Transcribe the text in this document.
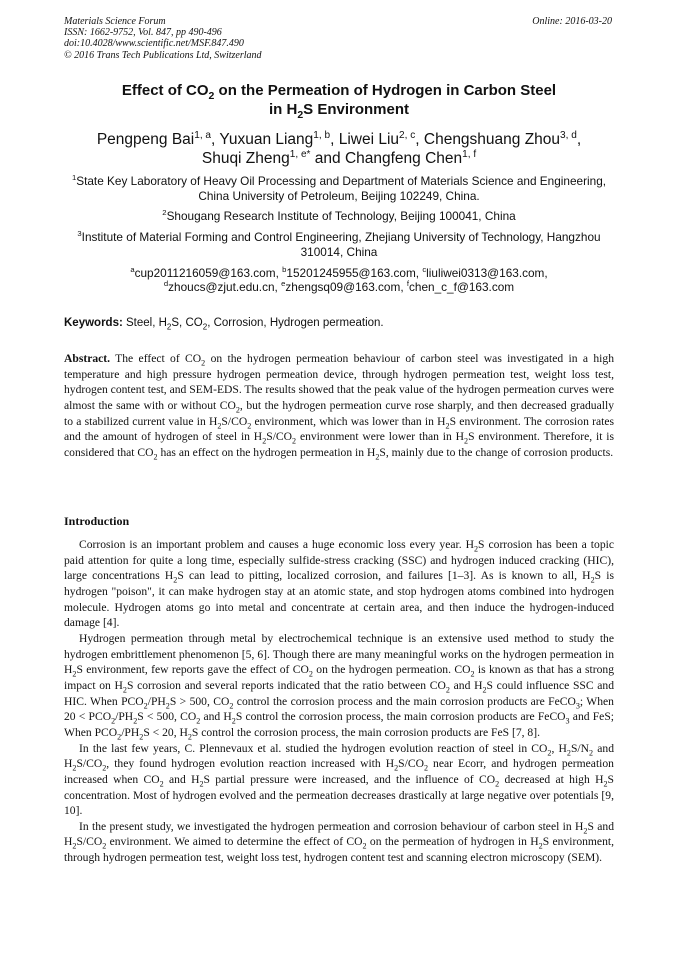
Materials Science Forum
ISSN: 1662-9752, Vol. 847, pp 490-496
doi:10.4028/www.scientific.net/MSF.847.490
© 2016 Trans Tech Publications Ltd, Switzerland
Online: 2016-03-20
Effect of $CO_2$ on the Permeation of Hydrogen in Carbon Steel
in $H_2S$ Environment
Pengpeng Bai$^{1, a}$, Yuxuan Liang$^{1, b}$, Liwei Liu$^{2, c}$, Chengshuang Zhou$^{3, d}$,
Shuqi Zheng$^{1, e*}$ and Changfeng Chen$^{1, f}$
$^1$State Key Laboratory of Heavy Oil Processing and Department of Materials Science and Engineering, China University of Petroleum, Beijing 102249, China.
$^2$Shougang Research Institute of Technology, Beijing 100041, China
$^3$Institute of Material Forming and Control Engineering, Zhejiang University of Technology, Hangzhou 310014, China
$^a$cup2011216059@163.com, $^b$15201245955@163.com, $^c$liuliwei0313@163.com,
$^d$zhoucs@zjut.edu.cn, $^e$zhengsq09@163.com, $^f$chen_c_f@163.com
Keywords: Steel, $H_2S$, $CO_2$, Corrosion, Hydrogen permeation.

Abstract. The effect of $CO_2$ on the hydrogen permeation behaviour of carbon steel was investigated in a high temperature and high pressure hydrogen permeation device, through hydrogen permeation test, weight loss test, hydrogen content test, and SEM-EDS. The results showed that the peak value of the hydrogen permeation curves were almost the same with or without $CO_2$, but the hydrogen permeation curve rose sharply, and then decreased gradually to a stabilized current value in $H_2S/CO_2$ environment, which was lower than in $H_2S$ environment. The corrosion rates and the amount of hydrogen of steel in $H_2S/CO_2$ environment were lower than in $H_2S$ environment. Therefore, it is considered that $CO_2$ has an effect on the hydrogen permeation in $H_2S$, mainly due to the change of corrosion products.

Introduction

Corrosion is an important problem and causes a huge economic loss every year. $H_2S$ corrosion has been a topic paid attention for quite a long time, especially sulfide-stress cracking (SSC) and hydrogen induced cracking (HIC), large concentrations $H_2S$ can lead to pitting, localized corrosion, and failures [1–3]. As is known to all, $H_2S$ is hydrogen "poison", it can make hydrogen stay at an atomic state, and stop hydrogen atoms combined into hydrogen molecule. Hydrogen atoms go into metal and concentrate at certain area, and then induce the hydrogen-induced damage [4].

Hydrogen permeation through metal by electrochemical technique is an extensive used method to study the hydrogen embrittlement phenomenon [5, 6]. Though there are many meaningful works on the hydrogen permeation in $H_2S$ environment, few reports gave the effect of $CO_2$ on the hydrogen permeation. $CO_2$ is known as that has a strong impact on $H_2S$ corrosion and several reports indicated that the ratio between $CO_2$ and $H_2S$ could influence SSC and HIC. When $PCO_2/PH_2S > 500$, $CO_2$ control the corrosion process and the main corrosion products are FeCO$_3$; When $20 < PCO_2/PH_2S < 500$, $CO_2$ and $H_2S$ control the corrosion process, the main corrosion products are FeCO$_3$ and FeS; When $PCO_2/PH_2S < 20$, $H_2S$ control the corrosion process, the main corrosion products are FeS [7, 8].

In the last few years, C. Plennevaux et al. studied the hydrogen evolution reaction of steel in $CO_2$, $H_2S/N_2$ and $H_2S/CO_2$, they found hydrogen evolution reaction increased with $H_2S/CO_2$ near Ecorr, and hydrogen permeation increased when $CO_2$ and $H_2S$ partial pressure were increased, and the influence of $CO_2$ decreased at high $H_2S$ concentration. Most of hydrogen evolved and the permeation decreases drastically at large negative over potentials [9, 10].

In the present study, we investigated the hydrogen permeation and corrosion behaviour of carbon steel in $H_2S$ and $H_2S/CO_2$ environment. We aimed to determine the effect of $CO_2$ on the permeation of hydrogen in $H_2S$ environment, through hydrogen permeation test, weight loss test, hydrogen content test and scanning electron microscopy (SEM).
